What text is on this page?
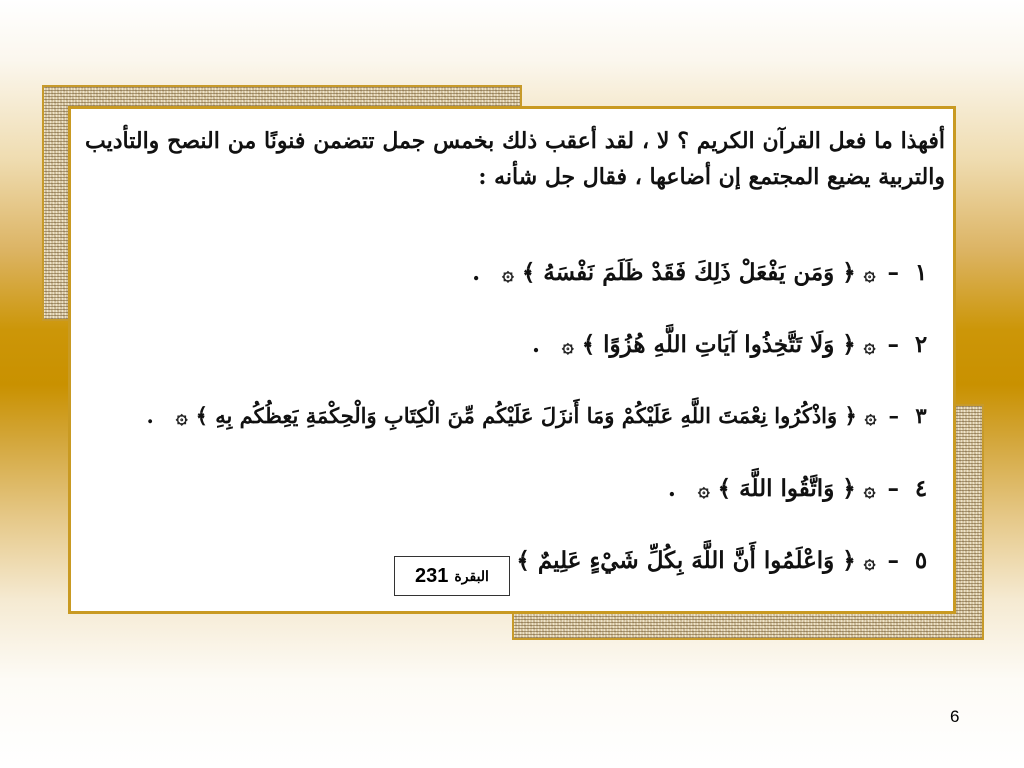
أفهذا ما فعل القرآن الكريم ؟ لا ، لقد أعقب ذلك بخمس جمل تتضمن فنونًا من النصح والتأديب والتربية يضيع المجتمع إن أضاعها ، فقال جل شأنه :
١
–
۞
﴿ وَمَن يَفْعَلْ ذَلِكَ فَقَدْ ظَلَمَ نَفْسَهُ ﴾
۞
.
٢
–
۞
﴿ وَلَا تَتَّخِذُوا آيَاتِ اللَّهِ هُزُوًا ﴾
۞
.
٣
–
۞
﴿ وَاذْكُرُوا نِعْمَتَ اللَّهِ عَلَيْكُمْ وَمَا أَنزَلَ عَلَيْكُم مِّنَ الْكِتَابِ وَالْحِكْمَةِ يَعِظُكُم بِهِ ﴾
۞
.
٤
–
۞
﴿ وَاتَّقُوا اللَّهَ ﴾
۞
.
٥
–
۞
﴿ وَاعْلَمُوا أَنَّ اللَّهَ بِكُلِّ شَيْءٍ عَلِيمٌ ﴾
البقرة
231
6
